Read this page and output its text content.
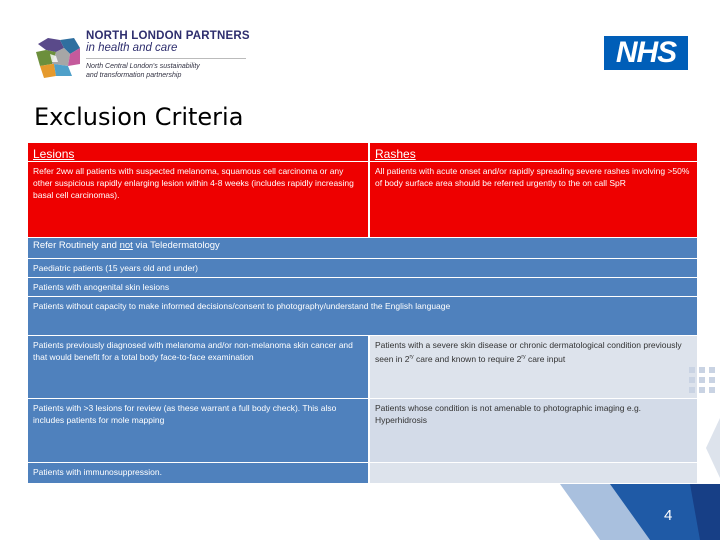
NORTH LONDON PARTNERS
in health and care
North Central London's sustainability
and transformation partnership
NHS
Exclusion Criteria
Lesions	Rashes
Refer 2ww all patients with suspected melanoma, squamous cell carcinoma or any other suspicious rapidly enlarging lesion within 4-8 weeks (includes rapidly increasing basal cell carcinomas).
All patients with acute onset and/or rapidly spreading severe rashes involving >50% of body surface area should be referred urgently to the on call SpR
Refer Routinely and not via Teledermatology
Paediatric patients (15 years old and under)
Patients with anogenital skin lesions
Patients without capacity to make informed decisions/consent to photography/understand the English language
Patients previously diagnosed with melanoma and/or non-melanoma skin cancer and that would benefit for a total body face-to-face examination
Patients with a severe skin disease or chronic dermatological condition previously seen in $2^{ry}$ care and known to require $2^{ry}$ care input
Patients with >3 lesions for review (as these warrant a full body check). This also includes patients for mole mapping
Patients whose condition is not amenable to photographic imaging e.g. Hyperhidrosis
Patients with immunosuppression.
4
